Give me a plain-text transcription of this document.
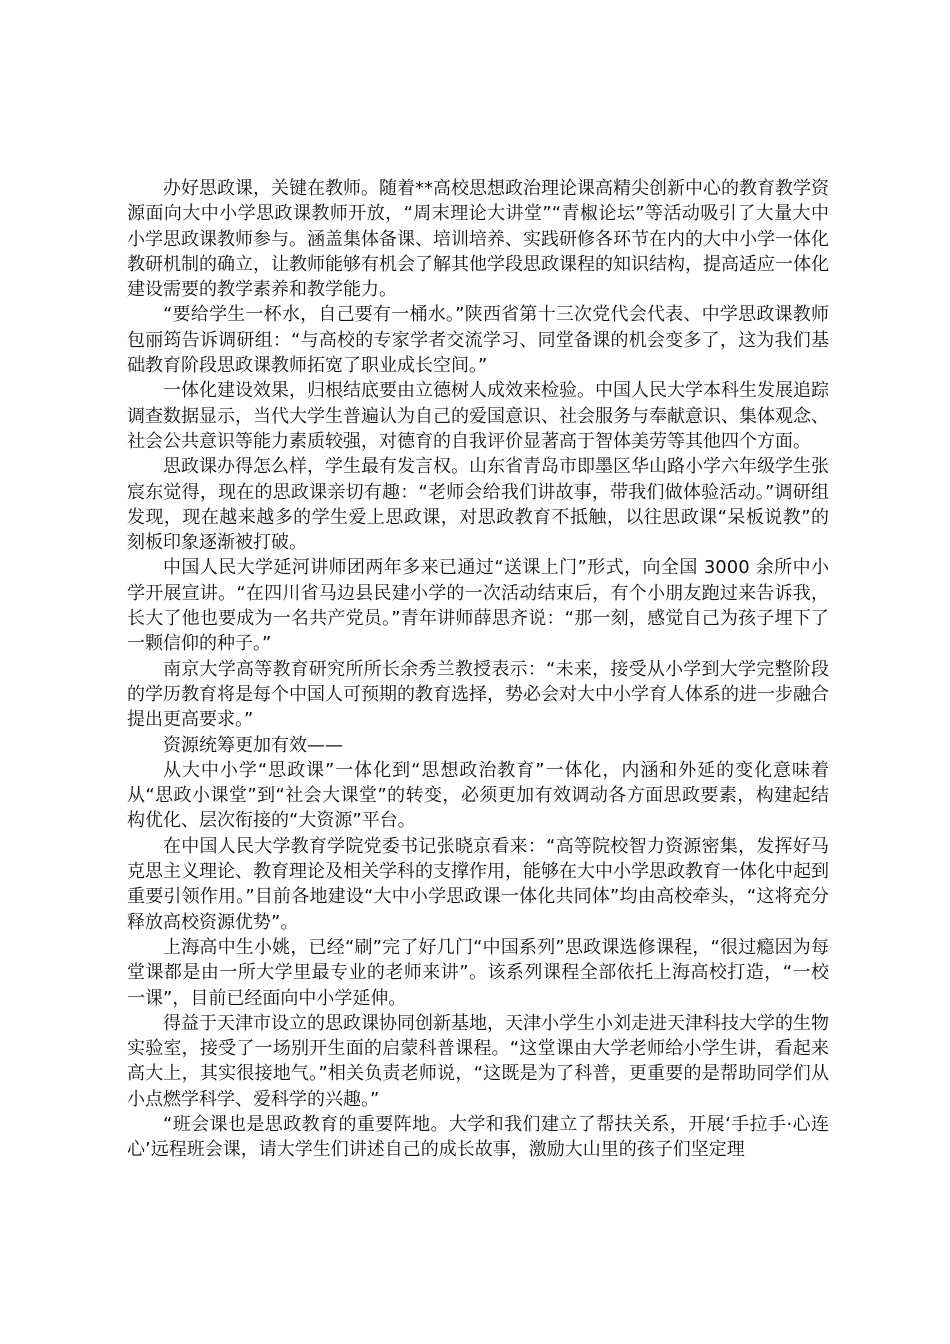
办好思政课，关键在教师。随着**高校思想政治理论课高精尖创新中心的教育教学资源面向大中小学思政课教师开放，“周末理论大讲堂”“青椒论坛”等活动吸引了大量大中小学思政课教师参与。涵盖集体备课、培训培养、实践研修各环节在内的大中小学一体化教研机制的确立，让教师能够有机会了解其他学段思政课程的知识结构，提高适应一体化建设需要的教学素养和教学能力。

“要给学生一杯水，自己要有一桶水。”陕西省第十三次党代会代表、中学思政课教师包丽筠告诉调研组：“与高校的专家学者交流学习、同堂备课的机会变多了，这为我们基础教育阶段思政课教师拓宽了职业成长空间。”

一体化建设效果，归根结底要由立德树人成效来检验。中国人民大学本科生发展追踪调查数据显示，当代大学生普遍认为自己的爱国意识、社会服务与奉献意识、集体观念、社会公共意识等能力素质较强，对德育的自我评价显著高于智体美劳等其他四个方面。

思政课办得怎么样，学生最有发言权。山东省青岛市即墨区华山路小学六年级学生张宸东觉得，现在的思政课亲切有趣：“老师会给我们讲故事，带我们做体验活动。”调研组发现，现在越来越多的学生爱上思政课，对思政教育不抵触，以往思政课“呆板说教”的刻板印象逐渐被打破。

中国人民大学延河讲师团两年多来已通过“送课上门”形式，向全国 3000 余所中小学开展宣讲。“在四川省马边县民建小学的一次活动结束后，有个小朋友跑过来告诉我，长大了他也要成为一名共产党员。”青年讲师薛思齐说：“那一刻，感觉自己为孩子埋下了一颗信仰的种子。”

南京大学高等教育研究所所长余秀兰教授表示：“未来，接受从小学到大学完整阶段的学历教育将是每个中国人可预期的教育选择，势必会对大中小学育人体系的进一步融合提出更高要求。”

资源统筹更加有效——

从大中小学“思政课”一体化到“思想政治教育”一体化，内涵和外延的变化意味着从“思政小课堂”到“社会大课堂”的转变，必须更加有效调动各方面思政要素，构建起结构优化、层次衔接的“大资源”平台。

在中国人民大学教育学院党委书记张晓京看来：“高等院校智力资源密集，发挥好马克思主义理论、教育理论及相关学科的支撑作用，能够在大中小学思政教育一体化中起到重要引领作用。”目前各地建设“大中小学思政课一体化共同体”均由高校牵头，“这将充分释放高校资源优势”。

上海高中生小姚，已经“刷”完了好几门“中国系列”思政课选修课程，“很过瘾因为每堂课都是由一所大学里最专业的老师来讲”。该系列课程全部依托上海高校打造，“一校一课”，目前已经面向中小学延伸。

得益于天津市设立的思政课协同创新基地，天津小学生小刘走进天津科技大学的生物实验室，接受了一场别开生面的启蒙科普课程。“这堂课由大学老师给小学生讲，看起来高大上，其实很接地气。”相关负责老师说，“这既是为了科普，更重要的是帮助同学们从小点燃学科学、爱科学的兴趣。”

“班会课也是思政教育的重要阵地。大学和我们建立了帮扶关系，开展‘手拉手·心连心’远程班会课，请大学生们讲述自己的成长故事，激励大山里的孩子们坚定理
